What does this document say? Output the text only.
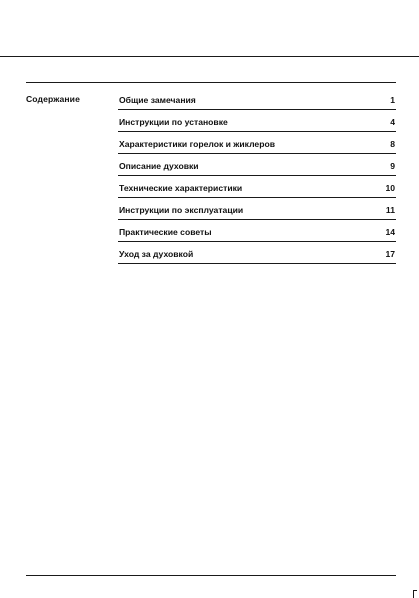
Содержание	Общие замечания	1
Инструкции по установке	4
Характеристики горелок и жиклеров	8
Описание духовки	9
Технические характеристики	10
Инструкции по эксплуатации	11
Практические советы	14
Уход за духовкой	17
